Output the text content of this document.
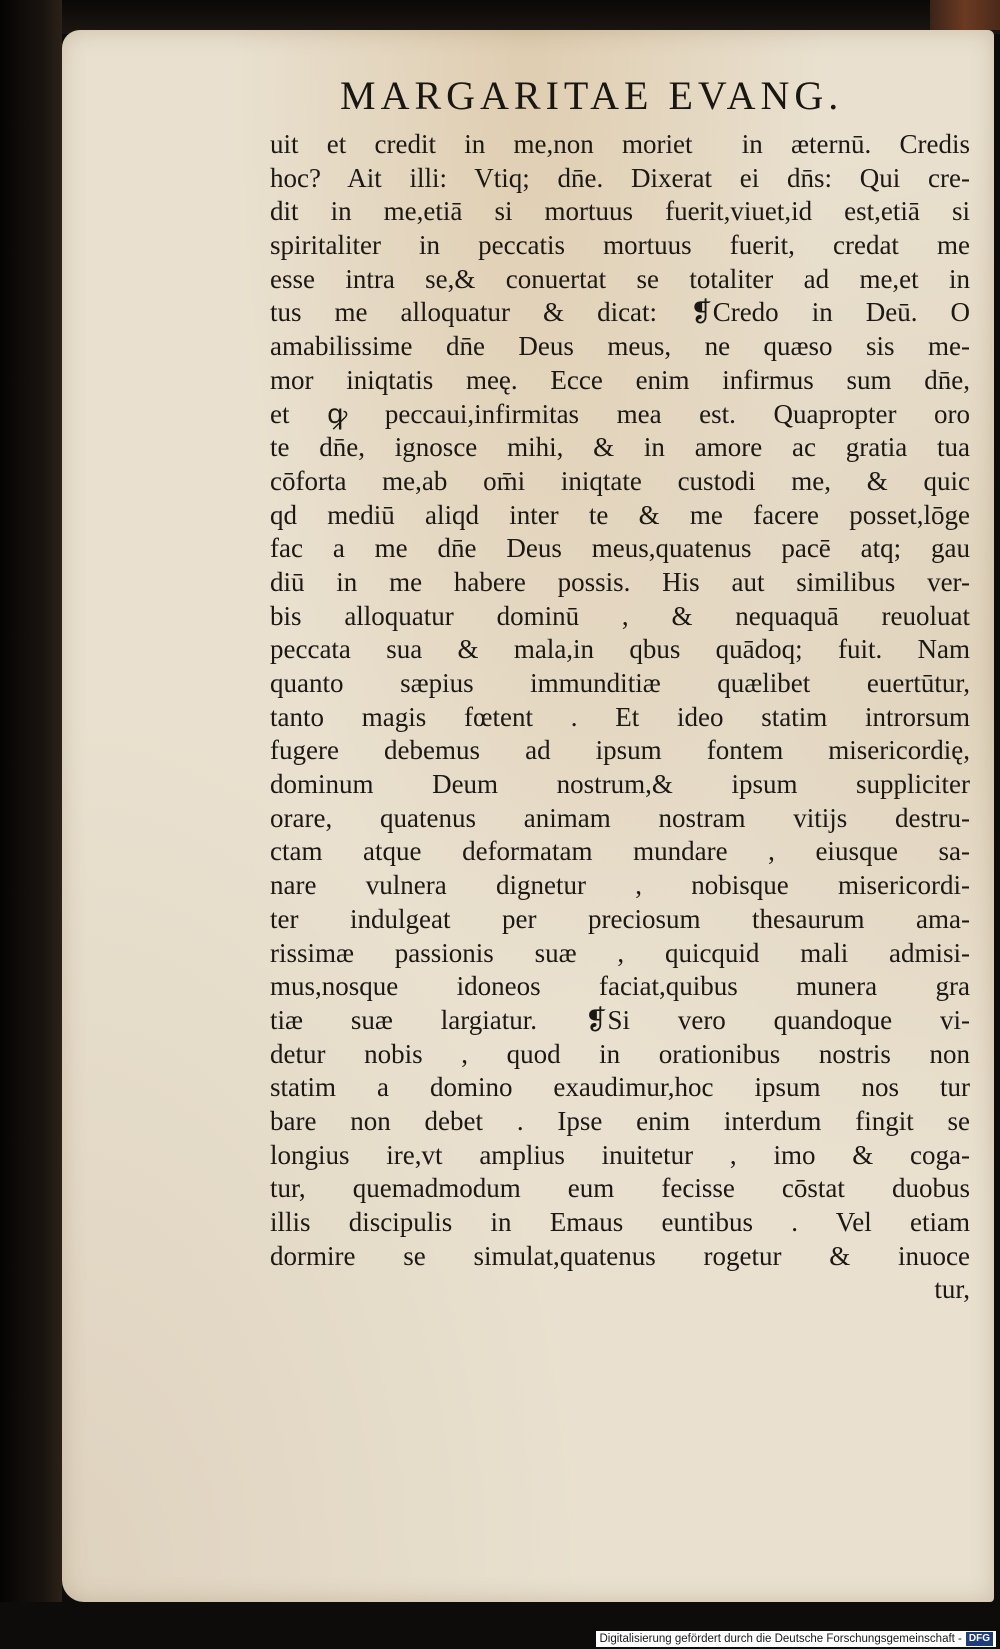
MARGARITAE EVANG.
uit et credit in me,non morietᷓ in æternū. Credis
hoc? Ait illi: Vtiq; dn̄e. Dixerat ei dn̄s: Qui cre-
dit in me,etiā si mortuus fuerit,viuet,id est,etiā si
spiritaliter in peccatis mortuus fuerit, credat me
esse intra se,& conuertat se totaliter ad me,et in
tus me alloquatur & dicat: ❡Credo in Deū. O
amabilissime dn̄e Deus meus, ne quæso sis me-
mor iniqtatis meę. Ecce enim infirmus sum dn̄e,
et ꝙ peccaui,infirmitas mea est. Quapropter oro
te dn̄e, ignosce mihi, & in amore ac gratia tua
cōforta me,ab om̄i iniqtate custodi me, & quic
qd mediū aliqd inter te & me facere posset,lōge
fac a me dn̄e Deus meus,quatenus pacē atq; gau
diū in me habere possis. His aut similibus ver-
bis alloquatur dominū , & nequaquā reuoluat
peccata sua & mala,in qbus quādoq; fuit. Nam
quanto sæpius immunditiæ quælibet euertūtur,
tanto magis fœtent . Et ideo statim introrsum
fugere debemus ad ipsum fontem misericordię,
dominum Deum nostrum,& ipsum suppliciter
orare, quatenus animam nostram vitijs destru-
ctam atque deformatam mundare , eiusque sa-
nare vulnera dignetur , nobisque misericordi-
ter indulgeat per preciosum thesaurum ama-
rissimæ passionis suæ , quicquid mali admisi-
mus,nosque idoneos faciat,quibus munera gra
tiæ suæ largiatur. ❡Si vero quandoque vi-
detur nobis , quod in orationibus nostris non
statim a domino exaudimur,hoc ipsum nos tur
bare non debet . Ipse enim interdum fingit se
longius ire,vt amplius inuitetur , imo & coga-
tur, quemadmodum eum fecisse cōstat duobus
illis discipulis in Emaus euntibus . Vel etiam
dormire se simulat,quatenus rogetur & inuoce
tur,
Digitalisierung gefördert durch die Deutsche Forschungsgemeinschaft - DFG
